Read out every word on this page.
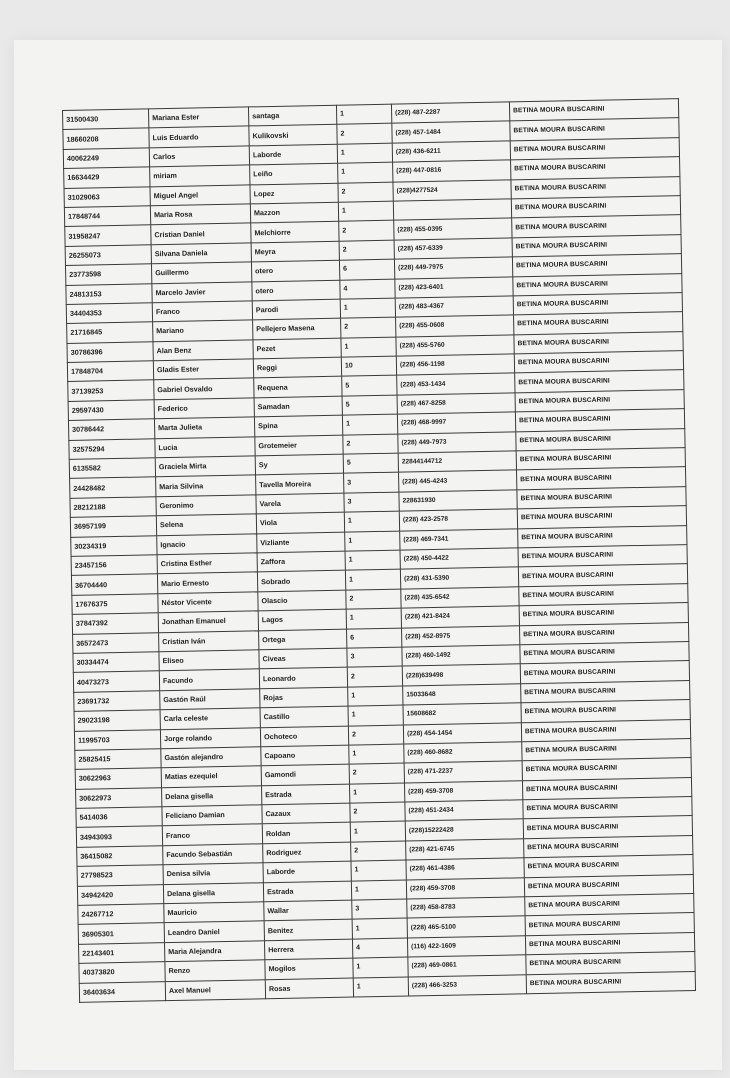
31500430	Mariana Ester	santaga	1	(228) 487-2287	BETINA MOURA BUSCARINI
18660208	Luis Eduardo	Kulikovski	2	(228) 457-1484	BETINA MOURA BUSCARINI
40062249	Carlos	Laborde	1	(228) 436-6211	BETINA MOURA BUSCARINI
16634429	miriam	Leiño	1	(228) 447-0816	BETINA MOURA BUSCARINI
31029063	Miguel Angel	Lopez	2	(228)4277524	BETINA MOURA BUSCARINI
17848744	Maria Rosa	Mazzon	1		BETINA MOURA BUSCARINI
31958247	Cristian Daniel	Melchiorre	2	(228) 455-0395	BETINA MOURA BUSCARINI
26255073	Silvana Daniela	Meyra	2	(228) 457-6339	BETINA MOURA BUSCARINI
23773598	Guillermo	otero	6	(228) 449-7975	BETINA MOURA BUSCARINI
24813153	Marcelo Javier	otero	4	(228) 423-6401	BETINA MOURA BUSCARINI
34404353	Franco	Parodi	1	(228) 483-4367	BETINA MOURA BUSCARINI
21716845	Mariano	Pellejero Masena	2	(228) 455-0608	BETINA MOURA BUSCARINI
30786396	Alan Benz	Pezet	1	(228) 455-5760	BETINA MOURA BUSCARINI
17848704	Gladis Ester	Reggi	10	(228) 456-1198	BETINA MOURA BUSCARINI
37139253	Gabriel Osvaldo	Requena	5	(228) 453-1434	BETINA MOURA BUSCARINI
29597430	Federico	Samadan	5	(228) 467-8258	BETINA MOURA BUSCARINI
30786442	Marta Julieta	Spina	1	(228) 468-9997	BETINA MOURA BUSCARINI
32575294	Lucia	Grotemeier	2	(228) 449-7973	BETINA MOURA BUSCARINI
6135582	Graciela Mirta	Sy	5	22844144712	BETINA MOURA BUSCARINI
24428482	Maria Silvina	Tavella Moreira	3	(228) 445-4243	BETINA MOURA BUSCARINI
28212188	Geronimo	Varela	3	228631930	BETINA MOURA BUSCARINI
36957199	Selena	Viola	1	(228) 423-2578	BETINA MOURA BUSCARINI
30234319	Ignacio	Vizliante	1	(228) 469-7341	BETINA MOURA BUSCARINI
23457156	Cristina Esther	Zaffora	1	(228) 450-4422	BETINA MOURA BUSCARINI
36704440	Mario Ernesto	Sobrado	1	(228) 431-5390	BETINA MOURA BUSCARINI
17676375	Néstor Vicente	Olascio	2	(228) 435-6542	BETINA MOURA BUSCARINI
37847392	Jonathan Emanuel	Lagos	1	(228) 421-8424	BETINA MOURA BUSCARINI
36572473	Cristian Iván	Ortega	6	(228) 452-8975	BETINA MOURA BUSCARINI
30334474	Eliseo	Civeas	3	(228) 460-1492	BETINA MOURA BUSCARINI
40473273	Facundo	Leonardo	2	(228)639498	BETINA MOURA BUSCARINI
23691732	Gastón Raúl	Rojas	1	15033648	BETINA MOURA BUSCARINI
29023198	Carla celeste	Castillo	1	15608682	BETINA MOURA BUSCARINI
11995703	Jorge rolando	Ochoteco	2	(228) 454-1454	BETINA MOURA BUSCARINI
25825415	Gastón alejandro	Capoano	1	(228) 460-8682	BETINA MOURA BUSCARINI
30622963	Matias ezequiel	Gamondi	2	(228) 471-2237	BETINA MOURA BUSCARINI
30622973	Delana gisella	Estrada	1	(228) 459-3708	BETINA MOURA BUSCARINI
5414036	Feliciano Damian	Cazaux	2	(228) 451-2434	BETINA MOURA BUSCARINI
34943093	Franco	Roldan	1	(228)15222428	BETINA MOURA BUSCARINI
36415082	Facundo Sebastián	Rodriguez	2	(228) 421-6745	BETINA MOURA BUSCARINI
27798523	Denisa silvia	Laborde	1	(228) 461-4386	BETINA MOURA BUSCARINI
34942420	Delana gisella	Estrada	1	(228) 459-3708	BETINA MOURA BUSCARINI
24267712	Mauricio	Wallar	3	(228) 458-8783	BETINA MOURA BUSCARINI
36905301	Leandro Daniel	Benitez	1	(228) 465-5100	BETINA MOURA BUSCARINI
22143401	Maria Alejandra	Herrera	4	(116) 422-1609	BETINA MOURA BUSCARINI
40373820	Renzo	Mogilos	1	(228) 469-0861	BETINA MOURA BUSCARINI
36403634	Axel Manuel	Rosas	1	(228) 466-3253	BETINA MOURA BUSCARINI
